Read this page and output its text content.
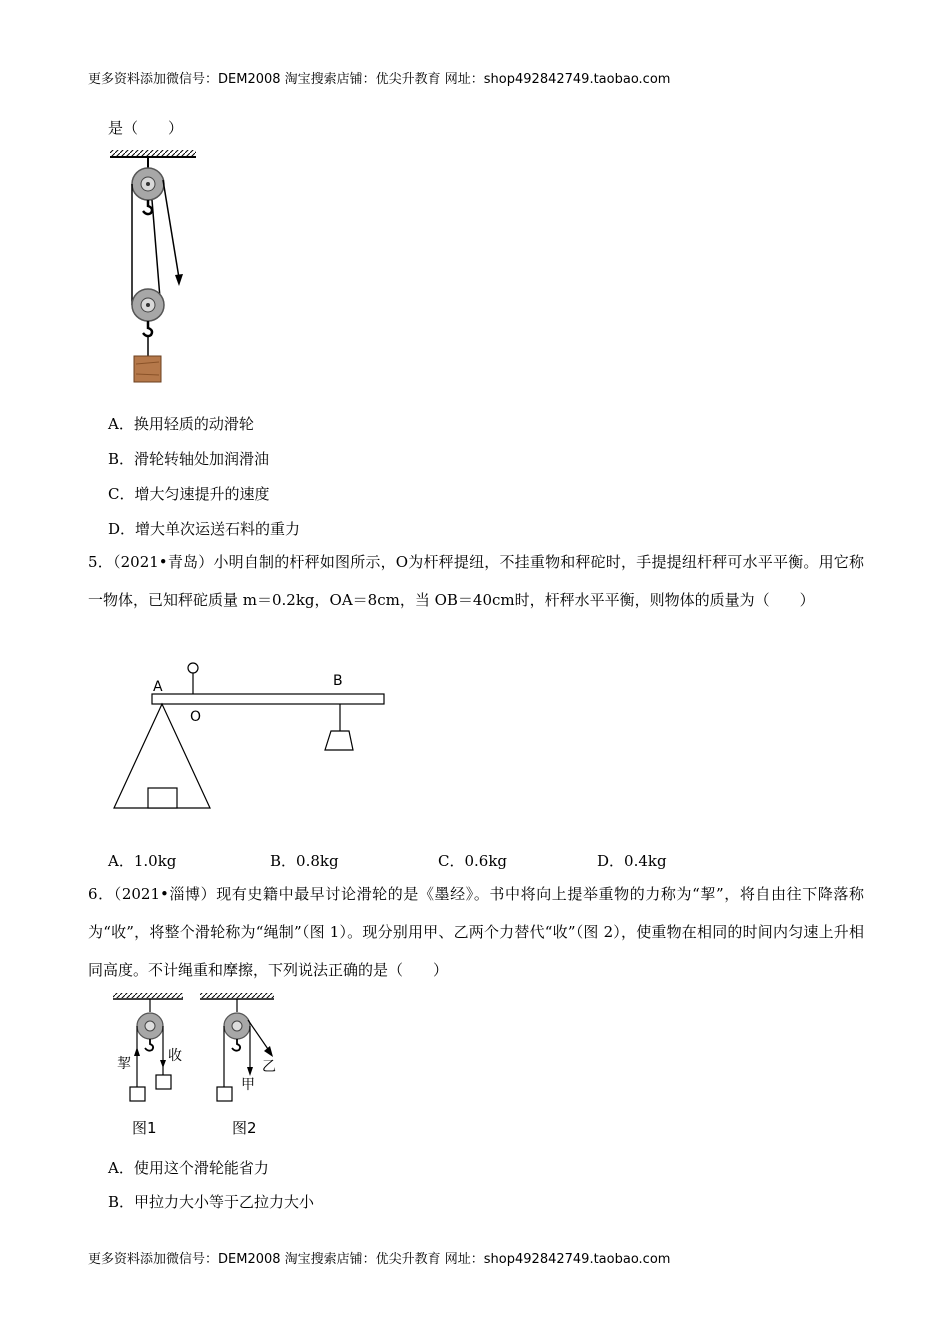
更多资料添加微信号：DEM2008 淘宝搜索店铺：优尖升教育 网址：shop492842749.taobao.com
是（　　）
A．换用轻质的动滑轮
B．滑轮转轴处加润滑油
C．增大匀速提升的速度
D．增大单次运送石料的重力
5．（2021•青岛）小明自制的杆秤如图所示，O为杆秤提纽，不挂重物和秤砣时，手提提纽杆秤可水平平衡。用它称一物体，已知秤砣质量 m＝0.2kg，OA＝8cm，当 OB＝40cm时，杆秤水平平衡，则物体的质量为（　　）
A
O
B
A．1.0kg	B．0.8kg	C．0.6kg	D．0.4kg
6．（2021•淄博）现有史籍中最早讨论滑轮的是《墨经》。书中将向上提举重物的力称为“挈”，将自由往下降落称为“收”，将整个滑轮称为“绳制”（图 1）。现分别用甲、乙两个力替代“收”（图 2），使重物在相同的时间内匀速上升相同高度。不计绳重和摩擦，下列说法正确的是（　　）
挈	收
图1
甲
乙
图2
A．使用这个滑轮能省力
B．甲拉力大小等于乙拉力大小
更多资料添加微信号：DEM2008 淘宝搜索店铺：优尖升教育 网址：shop492842749.taobao.com
